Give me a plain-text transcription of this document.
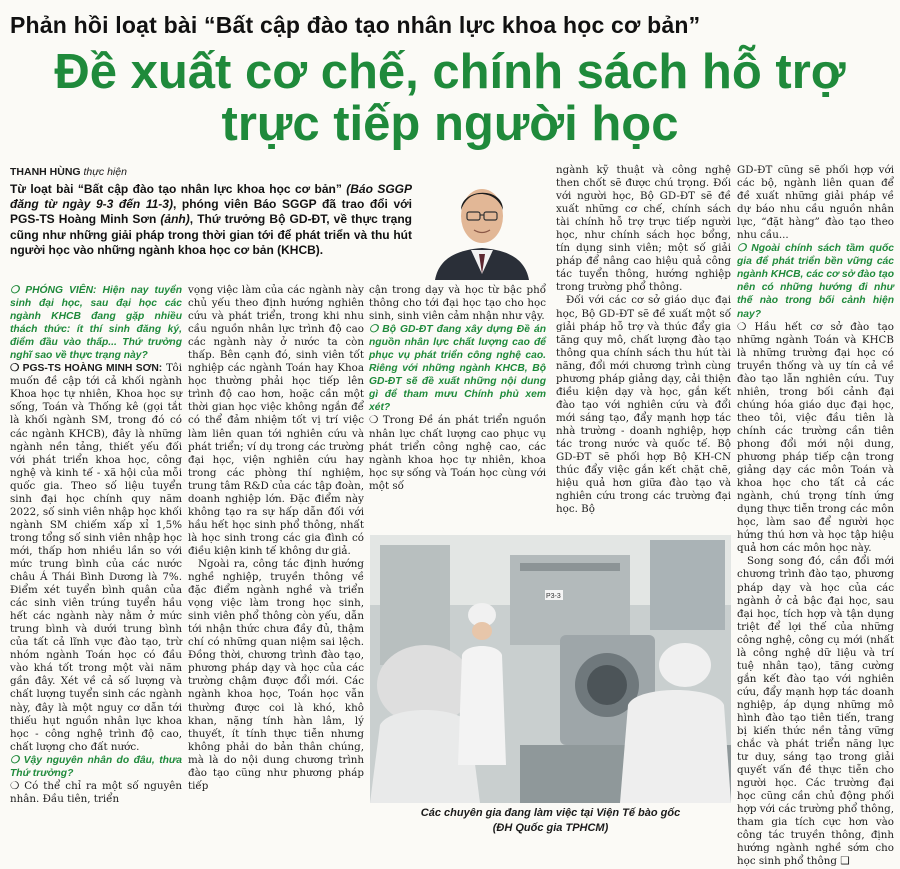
Phản hồi loạt bài “Bất cập đào tạo nhân lực khoa học cơ bản”
Đề xuất cơ chế, chính sách hỗ trợ
trực tiếp người học
THANH HÙNG thực hiện
Từ loạt bài “Bất cập đào tạo nhân lực khoa học cơ bản” (Báo SGGP đăng từ ngày 9-3 đến 11-3), phóng viên Báo SGGP đã trao đổi với PGS-TS Hoàng Minh Sơn (ảnh), Thứ trưởng Bộ GD-ĐT, về thực trạng cũng như những giải pháp trong thời gian tới để phát triển và thu hút người học vào những ngành khoa học cơ bản (KHCB).

❍ PHÓNG VIÊN: Hiện nay tuyển sinh đại học, sau đại học các ngành KHCB đang gặp nhiều thách thức: ít thí sinh đăng ký, điểm đầu vào thấp... Thứ trưởng nghĩ sao về thực trạng này?

❍ PGS-TS HOÀNG MINH SƠN: Tôi muốn đề cập tới cả khối ngành Khoa học tự nhiên, Khoa học sự sống, Toán và Thống kê (gọi tắt là khối ngành SM, trong đó có các ngành KHCB), đây là những ngành nền tảng, thiết yếu đối với phát triển khoa học, công nghệ và kinh tế - xã hội của mỗi quốc gia. Theo số liệu tuyển sinh đại học chính quy năm 2022, số sinh viên nhập học khối ngành SM chiếm xấp xỉ 1,5% trong tổng số sinh viên nhập học mới, thấp hơn nhiều lần so với mức trung bình của các nước châu Á Thái Bình Dương là 7%. Điểm xét tuyển bình quân của các sinh viên trúng tuyển hầu hết các ngành này nằm ở mức trung bình và dưới trung bình của tất cả lĩnh vực đào tạo, trừ nhóm ngành Toán học có đầu vào khá tốt trong một vài năm gần đây. Xét về cả số lượng và chất lượng tuyển sinh các ngành này, đây là một nguy cơ dẫn tới thiếu hụt nguồn nhân lực khoa học - công nghệ trình độ cao, chất lượng cho đất nước.

❍ Vậy nguyên nhân do đâu, thưa Thứ trưởng?

❍ Có thể chỉ ra một số nguyên nhân. Đầu tiên, triển

vọng việc làm của các ngành này chủ yếu theo định hướng nghiên cứu và phát triển, trong khi nhu cầu nguồn nhân lực trình độ cao các ngành này ở nước ta còn thấp. Bên cạnh đó, sinh viên tốt nghiệp các ngành Toán hay Khoa học thường phải học tiếp lên trình độ cao hơn, hoặc cần một thời gian học việc không ngắn để có thể đảm nhiệm tốt vị trí việc làm liên quan tới nghiên cứu và phát triển; ví dụ trong các trường đại học, viện nghiên cứu hay trong các phòng thí nghiệm, trung tâm R&D của các tập đoàn, doanh nghiệp lớn. Đặc điểm này không tạo ra sự hấp dẫn đối với hầu hết học sinh phổ thông, nhất là học sinh trong các gia đình có điều kiện kinh tế không dư giả.

Ngoài ra, công tác định hướng nghề nghiệp, truyền thông về đặc điểm ngành nghề và triển vọng việc làm trong học sinh, sinh viên phổ thông còn yếu, dẫn tới nhận thức chưa đầy đủ, thậm chí có những quan niệm sai lệch. Đồng thời, chương trình đào tạo, phương pháp dạy và học của các trường chậm được đổi mới. Các ngành khoa học, Toán học vẫn thường được coi là khó, khô khan, nặng tính hàn lâm, lý thuyết, ít tính thực tiễn nhưng không phải do bản thân chúng, mà là do nội dung chương trình đào tạo cũng như phương pháp tiếp

cận trong dạy và học từ bậc phổ thông cho tới đại học tạo cho học sinh, sinh viên cảm nhận như vậy.

❍ Bộ GD-ĐT đang xây dựng Đề án nguồn nhân lực chất lượng cao để phục vụ phát triển công nghệ cao. Riêng với những ngành KHCB, Bộ GD-ĐT sẽ đề xuất những nội dung gì để tham mưu Chính phủ xem xét?

❍ Trong Đề án phát triển nguồn nhân lực chất lượng cao phục vụ phát triển công nghệ cao, các ngành khoa học tự nhiên, khoa học sự sống và Toán học cùng với một số

ngành kỹ thuật và công nghệ then chốt sẽ được chú trọng. Đối với người học, Bộ GD-ĐT sẽ đề xuất những cơ chế, chính sách tài chính hỗ trợ trực tiếp người học, như chính sách học bổng, tín dụng sinh viên; một số giải pháp để nâng cao hiệu quả công tác tuyển thông, hướng nghiệp trong trường phổ thông.

Đối với các cơ sở giáo dục đại học, Bộ GD-ĐT sẽ đề xuất một số giải pháp hỗ trợ và thúc đẩy gia tăng quy mô, chất lượng đào tạo thông qua chính sách thu hút tài năng, đổi mới chương trình cùng phương pháp giảng dạy, cải thiện điều kiện dạy và học, gắn kết đào tạo với nghiên cứu và đổi mới sáng tạo, đẩy mạnh hợp tác nhà trường - doanh nghiệp, hợp tác trong nước và quốc tế. Bộ GD-ĐT sẽ phối hợp Bộ KH-CN thúc đẩy việc gắn kết chặt chẽ, hiệu quả hơn giữa đào tạo và nghiên cứu trong các trường đại học. Bộ

GD-ĐT cũng sẽ phối hợp với các bộ, ngành liên quan để đề xuất những giải pháp về dự báo nhu cầu nguồn nhân lực, “đặt hàng” đào tạo theo nhu cầu...

❍ Ngoài chính sách tầm quốc gia để phát triển bền vững các ngành KHCB, các cơ sở đào tạo nên có những hướng đi như thế nào trong bối cảnh hiện nay?

❍ Hầu hết cơ sở đào tạo những ngành Toán và KHCB là những trường đại học có truyền thống và uy tín cả về đào tạo lẫn nghiên cứu. Tuy nhiên, trong bối cảnh đại chúng hóa giáo dục đại học, theo tôi, việc đầu tiên là chính các trường cần tiên phong đổi mới nội dung, phương pháp tiếp cận trong giảng dạy các môn Toán và khoa học cho tất cả các ngành, chú trọng tính ứng dụng thực tiễn trong các môn học, làm sao để người học hứng thú hơn và học tập hiệu quả hơn các môn học này.

Song song đó, cần đổi mới chương trình đào tạo, phương pháp dạy và học của các ngành ở cả bậc đại học, sau đại học, tích hợp và tận dụng triệt để lợi thế của những công nghệ, công cụ mới (nhất là công nghệ dữ liệu và trí tuệ nhân tạo), tăng cường gắn kết đào tạo với nghiên cứu, đẩy mạnh hợp tác doanh nghiệp, áp dụng những mô hình đào tạo tiên tiến, trang bị kiến thức nền tảng vững chắc và phát triển năng lực tư duy, sáng tạo trong giải quyết vấn đề thực tiễn cho người học. Các trường đại học cũng cần chủ động phối hợp với các trường phổ thông, tham gia tích cực hơn vào công tác truyền thông, định hướng ngành nghề sớm cho học sinh phổ thông ❑

P3-3
Các chuyên gia đang làm việc tại Viện Tế bào gốc
(ĐH Quốc gia TPHCM)
